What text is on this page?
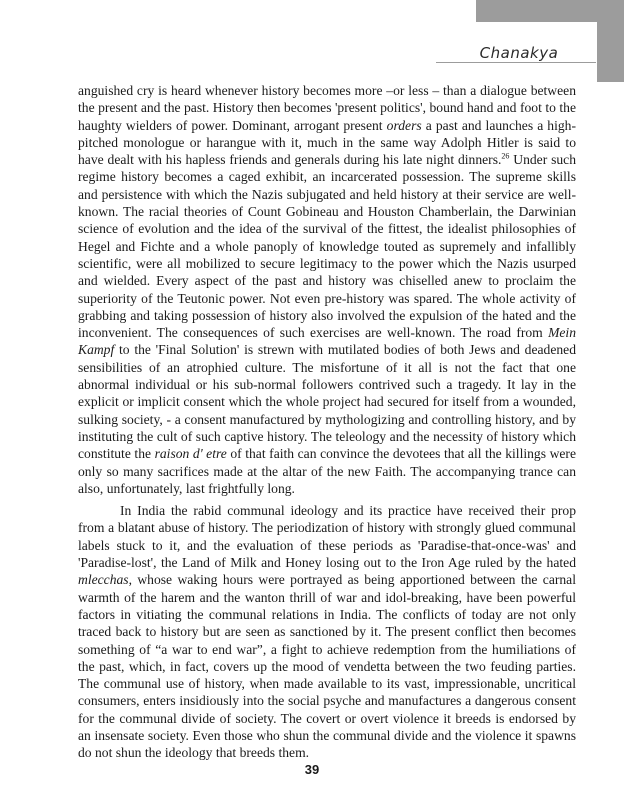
Chanakya

anguished cry is heard whenever history becomes more –or less – than a dialogue between the present and the past. History then becomes 'present politics', bound hand and foot to the haughty wielders of power. Dominant, arrogant present orders a past and launches a high-pitched monologue or harangue with it, much in the same way Adolph Hitler is said to have dealt with his hapless friends and generals during his late night dinners.$^{26}$ Under such regime history becomes a caged exhibit, an incarcerated possession. The supreme skills and persistence with which the Nazis subjugated and held history at their service are well-known. The racial theories of Count Gobineau and Houston Chamberlain, the Darwinian science of evolution and the idea of the survival of the fittest, the idealist philosophies of Hegel and Fichte and a whole panoply of knowledge touted as supremely and infallibly scientific, were all mobilized to secure legitimacy to the power which the Nazis usurped and wielded. Every aspect of the past and history was chiselled anew to proclaim the superiority of the Teutonic power. Not even pre-history was spared. The whole activity of grabbing and taking possession of history also involved the expulsion of the hated and the inconvenient. The consequences of such exercises are well-known. The road from Mein Kampf to the 'Final Solution' is strewn with mutilated bodies of both Jews and deadened sensibilities of an atrophied culture. The misfortune of it all is not the fact that one abnormal individual or his sub-normal followers contrived such a tragedy. It lay in the explicit or implicit consent which the whole project had secured for itself from a wounded, sulking society, - a consent manufactured by mythologizing and controlling history, and by instituting the cult of such captive history. The teleology and the necessity of history which constitute the raison d' etre of that faith can convince the devotees that all the killings were only so many sacrifices made at the altar of the new Faith. The accompanying trance can also, unfortunately, last frightfully long.

In India the rabid communal ideology and its practice have received their prop from a blatant abuse of history. The periodization of history with strongly glued communal labels stuck to it, and the evaluation of these periods as 'Paradise-that-once-was' and 'Paradise-lost', the Land of Milk and Honey losing out to the Iron Age ruled by the hated mlecchas, whose waking hours were portrayed as being apportioned between the carnal warmth of the harem and the wanton thrill of war and idol-breaking, have been powerful factors in vitiating the communal relations in India. The conflicts of today are not only traced back to history but are seen as sanctioned by it. The present conflict then becomes something of “a war to end war”, a fight to achieve redemption from the humiliations of the past, which, in fact, covers up the mood of vendetta between the two feuding parties. The communal use of history, when made available to its vast, impressionable, uncritical consumers, enters insidiously into the social psyche and manufactures a dangerous consent for the communal divide of society. The covert or overt violence it breeds is endorsed by an insensate society. Even those who shun the communal divide and the violence it spawns do not shun the ideology that breeds them.

39
